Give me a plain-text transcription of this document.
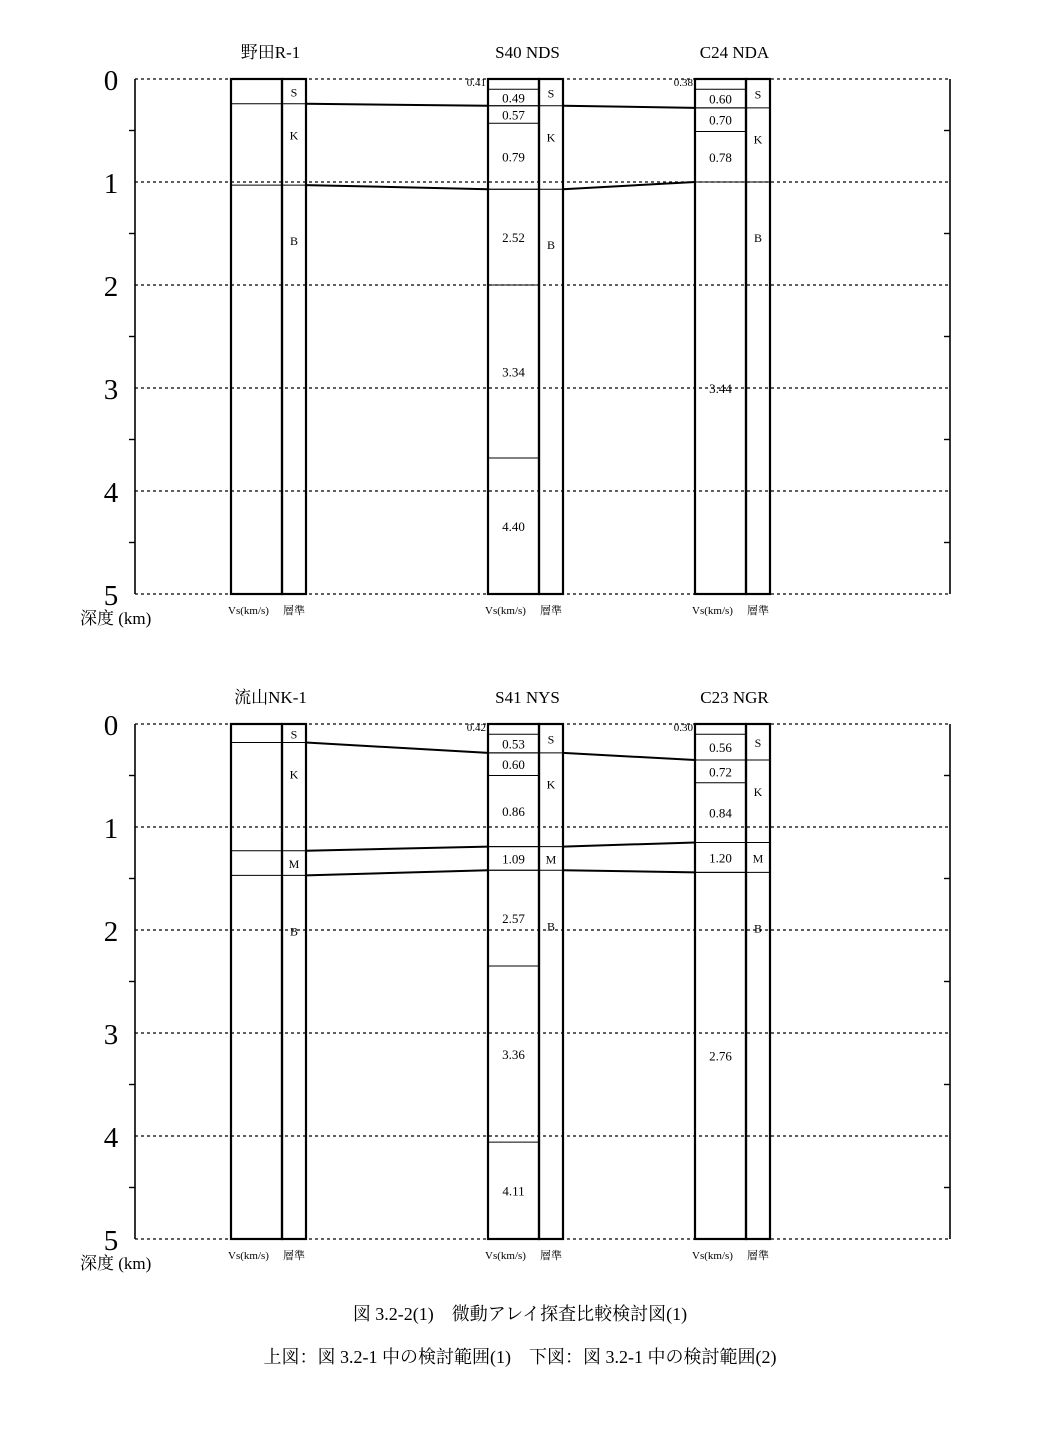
0
1
2
3
4
5
深度 (km)
野田R-1
S
K
B
Vs(km/s) 層準
S40 NDS
0.41
0.49
0.57
0.79
2.52
3.34
4.40
S
K
B
Vs(km/s) 層準
C24 NDA
0.38
0.60
0.70
0.78
3.44
S
K
B
Vs(km/s) 層準
0
1
2
3
4
5
深度 (km)
流山NK-1
S
K
M
B
Vs(km/s) 層準
S41 NYS
0.42
0.53
0.60
0.86
1.09
2.57
3.36
4.11
S
K
M
B
Vs(km/s) 層準
C23 NGR
0.30
0.56
0.72
0.84
1.20
2.76
S
K
M
B
Vs(km/s) 層準
図 3.2-2(1)　微動アレイ探査比較検討図(1)
上図：図 3.2-1 中の検討範囲(1)　下図：図 3.2-1 中の検討範囲(2)
